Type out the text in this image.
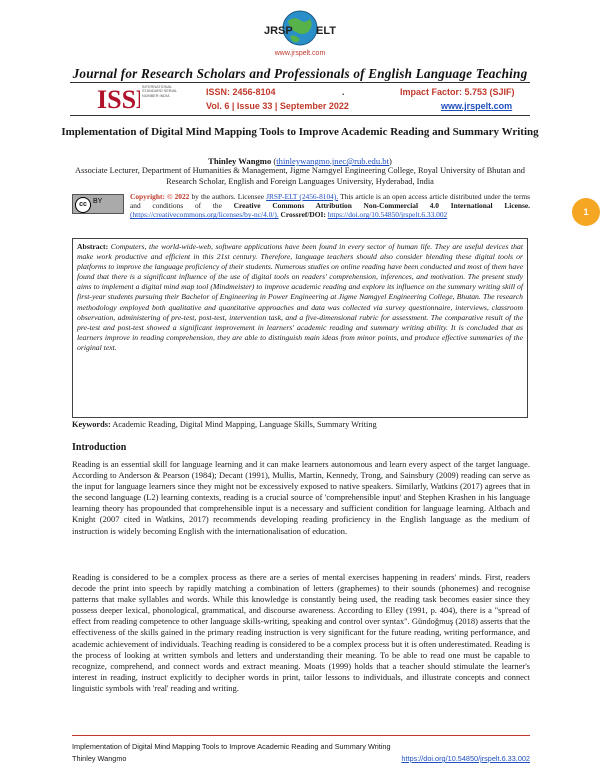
JRSP ELT
www.jrspelt.com
Journal for Research Scholars and Professionals of English Language Teaching
ISS	INTERNATIONAL STANDARD SERIAL NUMBER INDIA	ISSN: 2456-8104	.	Impact Factor: 5.753 (SJIF)
Vol. 6 | Issue 33 | September 2022	www.jrspelt.com
Implementation of Digital Mind Mapping Tools to Improve Academic Reading and Summary Writing
Thinley Wangmo (thinleywangmo.jnec@rub.edu.bt)
Associate Lecturer, Department of Humanities & Management, Jigme Namgyel Engineering College, Royal University of Bhutan and Research Scholar, English and Foreign Languages University, Hyderabad, India
cc BY
Copyright: © 2022 by the authors. Licensee JRSP-ELT (2456-8104). This article is an open access article distributed under the terms and conditions of the Creative Commons Attribution Non-Commercial 4.0 International License. (https://creativecommons.org/licenses/by-nc/4.0/). Crossref/DOI: https://doi.org/10.54850/jrspelt.6.33.002
Abstract: Computers, the world-wide-web, software applications have been found in every sector of human life. They are useful devices that make work productive and efficient in this 21st century. Therefore, language teachers should also consider blending these digital tools or platforms to improve the language proficiency of their students. Numerous studies on online reading have been conducted and most of them have found that there is a significant influence of the use of digital tools on readers' comprehension, inferences, and motivation. The present study aims to implement a digital mind map tool (Mindmeister) to improve academic reading and explore its influence on the summary writing skill of first-year students pursuing their Bachelor of Engineering in Power Engineering at Jigme Namgyel Engineering College, Bhutan. The research methodology employed both qualitative and quantitative approaches and data was collected via survey questionnaire, interviews, classroom observation, administering of pre-test, post-test, intervention task, and a five-dimensional rubric for assessment. The comparative result of the pre-test and post-test showed a significant improvement in learners' academic reading and summary writing ability. It is concluded that as learners improve in reading comprehension, they are able to distinguish main ideas from minor points, and produce effective summaries of the original text.
Keywords: Academic Reading, Digital Mind Mapping, Language Skills, Summary Writing
Introduction
Reading is an essential skill for language learning and it can make learners autonomous and learn every aspect of the target language. According to Anderson & Pearson (1984); Decant (1991), Mullis, Martin, Kennedy, Trong, and Sainsbury (2009) reading can serve as the input for language learners since they might not be excessively exposed to native speakers. Similarly, Watkins (2017) agrees that in the second language (L2) learning contexts, reading is a crucial source of 'comprehensible input' and Stephen Krashen in his language learning theory has propounded that comprehensible input is a necessary and sufficient condition for language learning. Altbach and Knight (2007 cited in Watkins, 2017) recommends developing reading proficiency in the English language as the medium of instruction is widely becoming English with the internationalisation of education.
Reading is considered to be a complex process as there are a series of mental exercises happening in readers' minds. First, readers decode the print into speech by rapidly matching a combination of letters (graphemes) to their sounds (phonemes) and recognise patterns that make syllables and words. While this knowledge is constantly being used, the reading task becomes easier since they possess deeper lexical, phonological, grammatical, and discourse awareness. According to Elley (1991, p. 404), there is a "spread of effect from reading competence to other language skills-writing, speaking and control over syntax". Gündoğmuş (2018) asserts that the effectiveness of the skills gained in the primary reading instruction is very significant for the future reading, writing performance, and academic achievement of individuals. Teaching reading is considered to be a complex process but it is often underestimated. Reading is the process of looking at written symbols and letters and understanding their meaning. To be able to read one must be capable to recognize, comprehend, and connect words and extract meaning. Moats (1999) holds that a teacher should stimulate the learner's interest in reading, instruct explicitly to decipher words in print, tailor lessons to individuals, and illustrate concepts and connect linguistic symbols with 'real' reading and writing.
Implementation of Digital Mind Mapping Tools to Improve Academic Reading and Summary Writing
Thinley Wangmo	https://doi.org/10.54850/jrspelt.6.33.002
1
